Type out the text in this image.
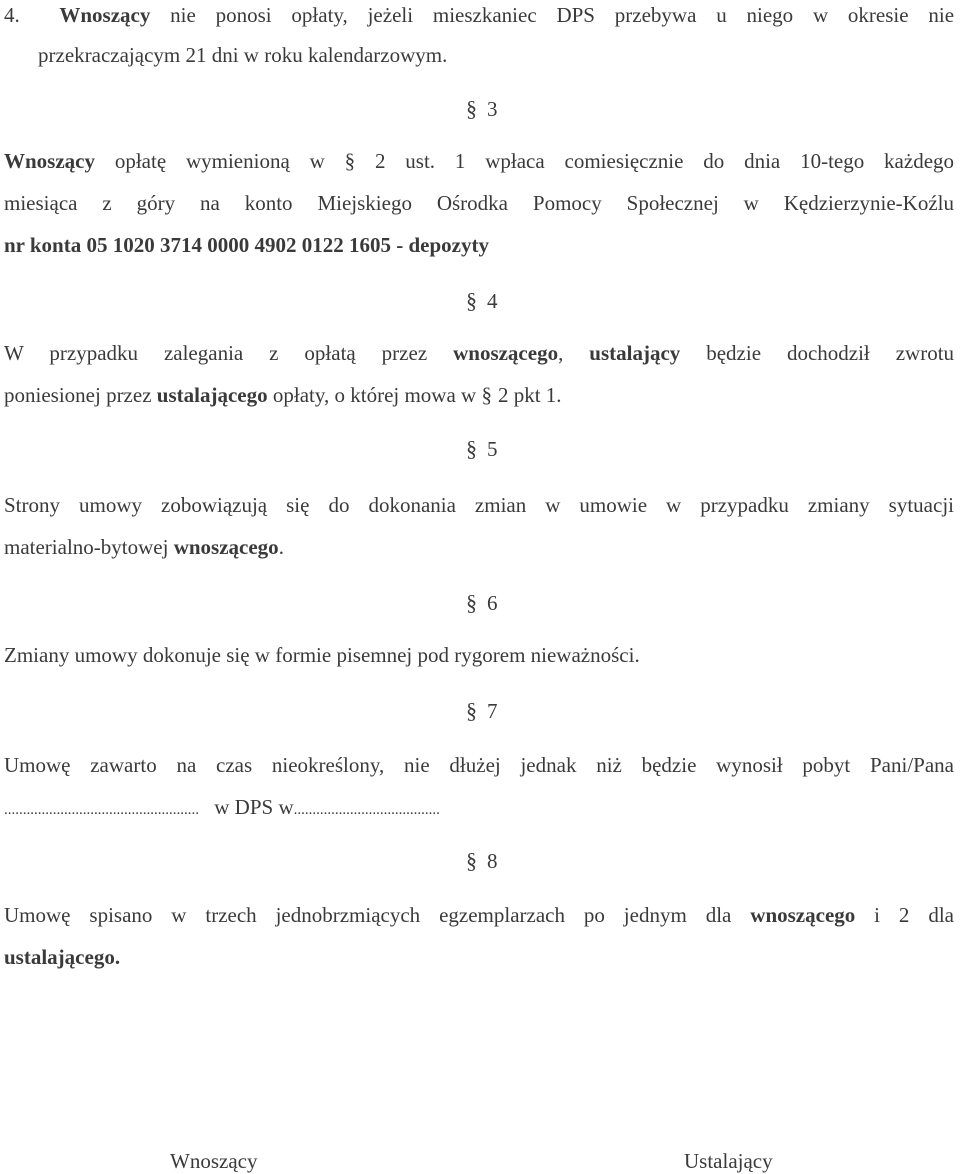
4. Wnoszący nie ponosi opłaty, jeżeli mieszkaniec DPS przebywa u niego w okresie nie
przekraczającym 21 dni w roku kalendarzowym.
§ 3
Wnoszący opłatę wymienioną w § 2 ust. 1 wpłaca comiesięcznie do dnia 10-tego każdego
miesiąca z góry na konto Miejskiego Ośrodka Pomocy Społecznej w Kędzierzynie-Koźlu
nr konta 05 1020 3714 0000 4902 0122 1605 - depozyty
§ 4
W przypadku zalegania z opłatą przez wnoszącego, ustalający będzie dochodził zwrotu
poniesionej przez ustalającego opłaty, o której mowa w § 2 pkt 1.
§ 5
Strony umowy zobowiązują się do dokonania zmian w umowie w przypadku zmiany sytuacji
materialno-bytowej wnoszącego.
§ 6
Zmiany umowy dokonuje się w formie pisemnej pod rygorem nieważności.
§ 7
Umowę zawarto na czas nieokreślony, nie dłużej jednak niż będzie wynosił pobyt Pani/Pana
.................................................... w DPS w.......................................
§ 8
Umowę spisano w trzech jednobrzmiących egzemplarzach po jednym dla wnoszącego i 2 dla
ustalającego.
Wnoszący	Ustalający
